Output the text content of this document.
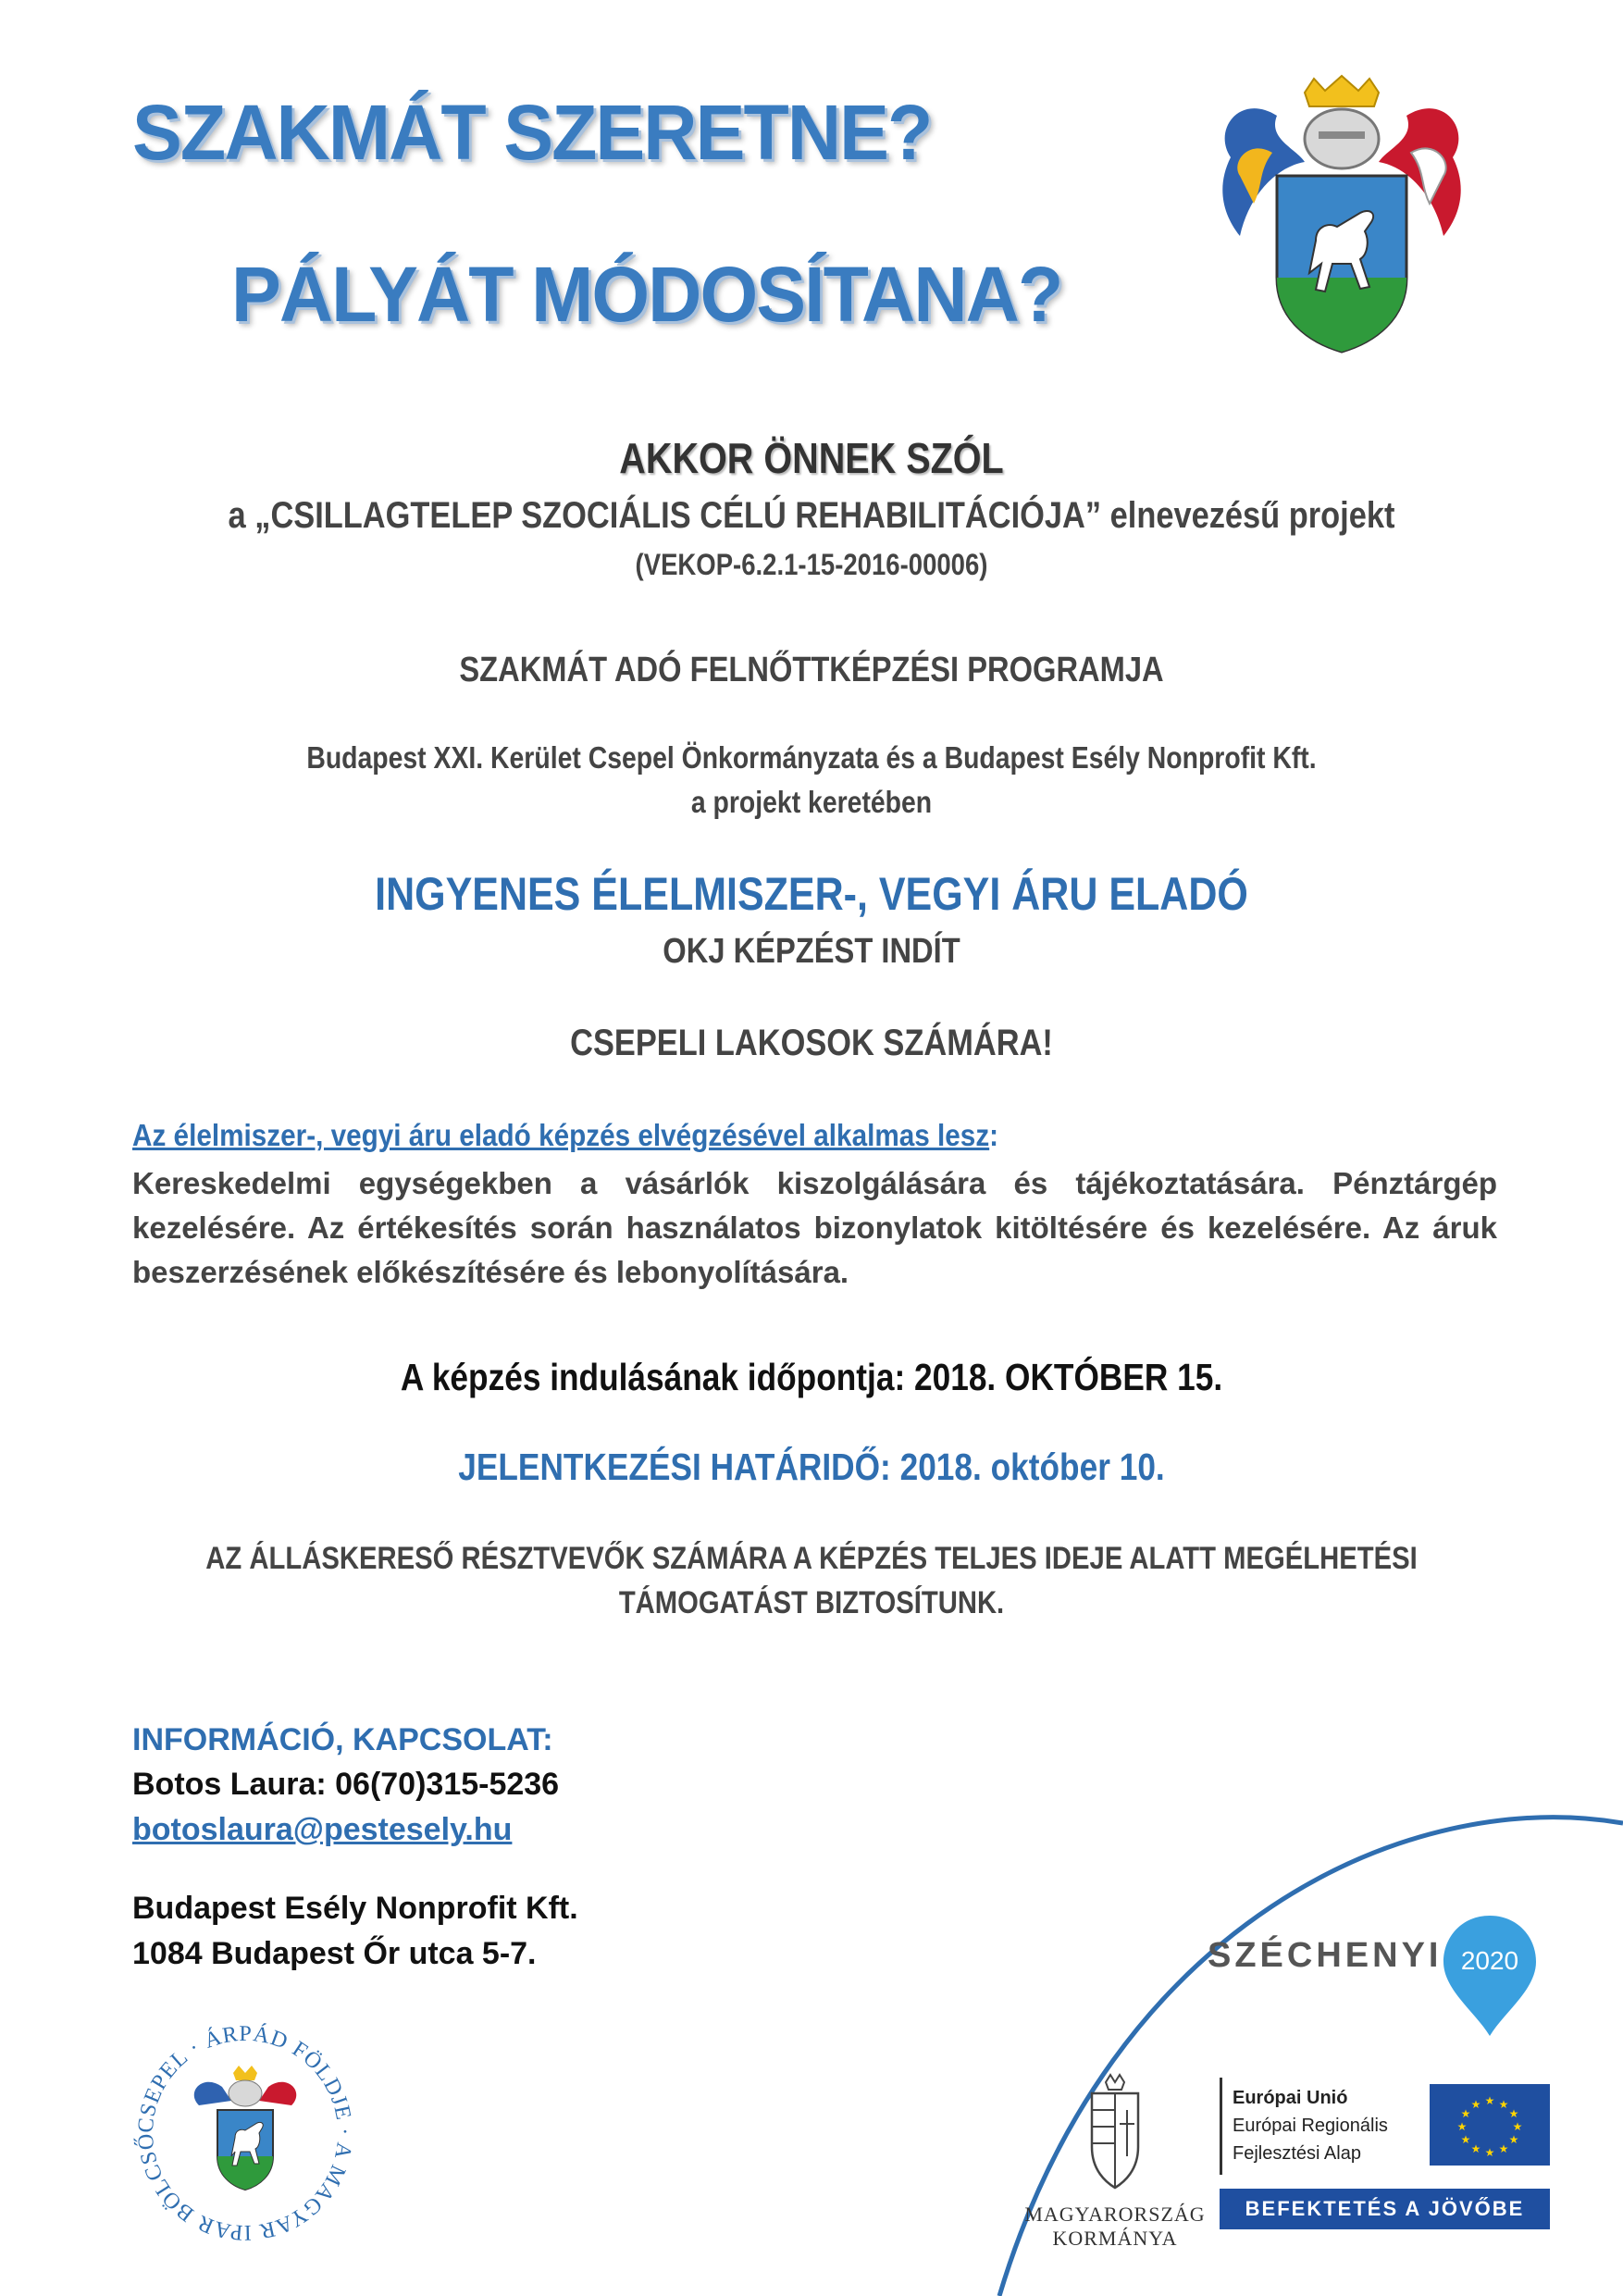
SZAKMÁT SZERETNE?
PÁLYÁT MÓDOSÍTANA?
AKKOR ÖNNEK SZÓL
a „CSILLAGTELEP SZOCIÁLIS CÉLÚ REHABILITÁCIÓJA” elnevezésű projekt
(VEKOP-6.2.1-15-2016-00006)
SZAKMÁT ADÓ FELNŐTTKÉPZÉSI PROGRAMJA
Budapest XXI. Kerület Csepel Önkormányzata és a Budapest Esély Nonprofit Kft.
a projekt keretében
INGYENES ÉLELMISZER-, VEGYI ÁRU ELADÓ
OKJ KÉPZÉST INDÍT
CSEPELI LAKOSOK SZÁMÁRA!
Az élelmiszer-, vegyi áru eladó képzés elvégzésével alkalmas lesz:
Kereskedelmi egységekben a vásárlók kiszolgálására és tájékoztatására. Pénztárgép kezelésére. Az értékesítés során használatos bizonylatok kitöltésére és kezelésére. Az áruk beszerzésének előkészítésére és lebonyolítására.
A képzés indulásának időpontja: 2018. OKTÓBER 15.
JELENTKEZÉSI HATÁRIDŐ: 2018. október 10.
AZ ÁLLÁSKERESŐ RÉSZTVEVŐK SZÁMÁRA A KÉPZÉS TELJES IDEJE ALATT MEGÉLHETÉSI
TÁMOGATÁST BIZTOSÍTUNK.
INFORMÁCIÓ, KAPCSOLAT:
Botos Laura: 06(70)315-5236
botoslaura@pestesely.hu
Budapest Esély Nonprofit Kft.
1084 Budapest Őr utca 5-7.
CSEPEL · ÁRPÁD FÖLDJE · A MAGYAR IPAR BÖLCSŐ
SZÉCHENYI 2020
MAGYARORSZÁG
KORMÁNYA
Európai Unió
Európai Regionális
Fejlesztési Alap
★ ★
★
★
★
★
★
★
★
★
★
★
BEFEKTETÉS A JÖVŐBE
